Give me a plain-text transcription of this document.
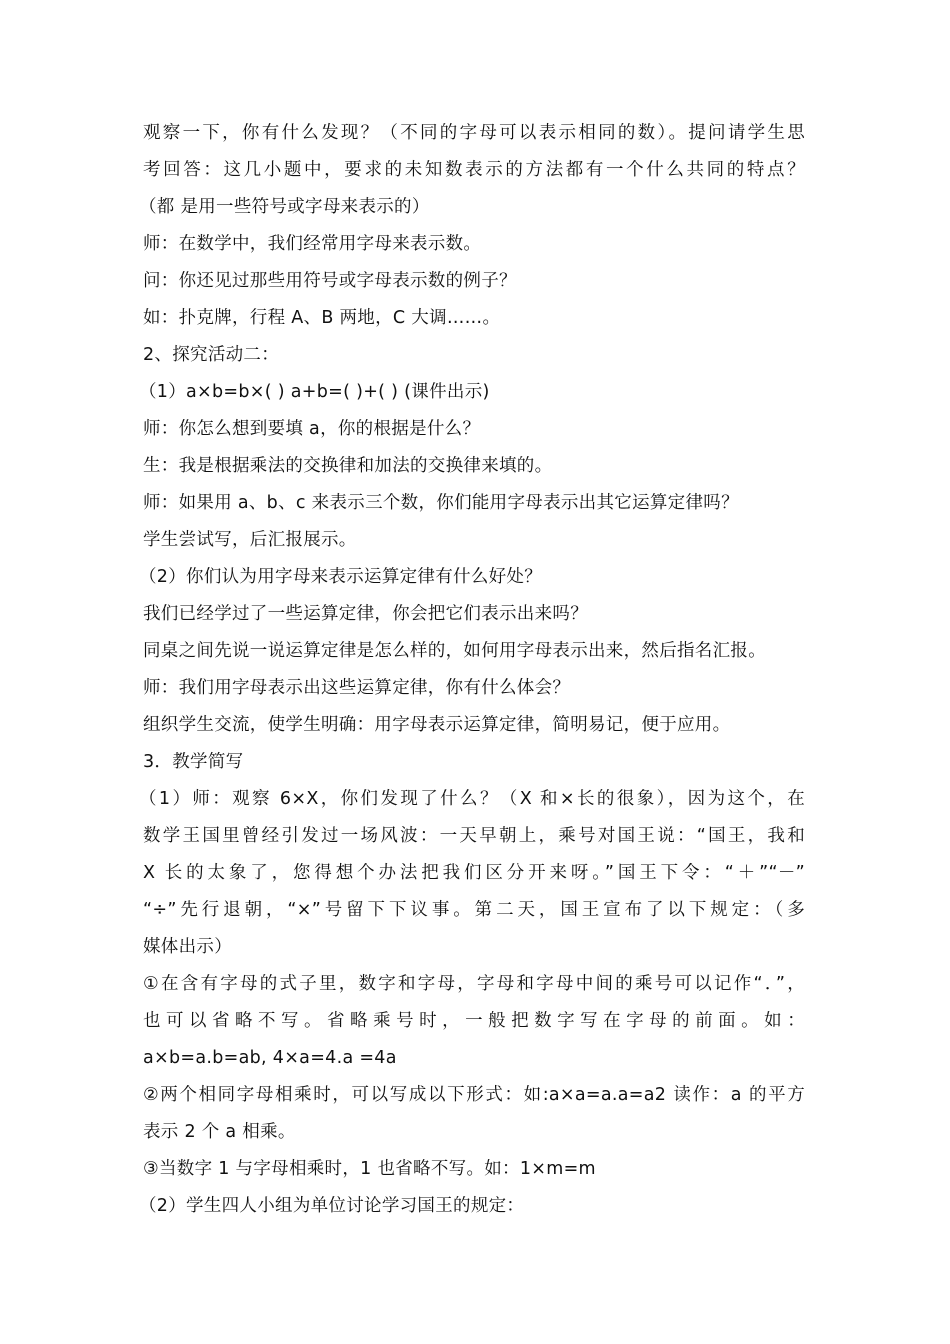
观察一下，你有什么发现？（不同的字母可以表示相同的数）。提问请学生思
考回答：这几小题中，要求的未知数表示的方法都有一个什么共同的特点？
（都 是用一些符号或字母来表示的）
师：在数学中，我们经常用字母来表示数。
问：你还见过那些用符号或字母表示数的例子？
如：扑克牌，行程 A、B 两地，C 大调……。
2、探究活动二：
（1）a×b=b×( ) a+b=( )+( ) (课件出示)
师：你怎么想到要填 a，你的根据是什么？
生：我是根据乘法的交换律和加法的交换律来填的。
师：如果用 a、b、c 来表示三个数，你们能用字母表示出其它运算定律吗？
学生尝试写，后汇报展示。
（2）你们认为用字母来表示运算定律有什么好处？
我们已经学过了一些运算定律，你会把它们表示出来吗？
同桌之间先说一说运算定律是怎么样的，如何用字母表示出来，然后指名汇报。
师：我们用字母表示出这些运算定律，你有什么体会？
组织学生交流，使学生明确：用字母表示运算定律，简明易记，便于应用。
3．教学简写
（1）师：观察 6×X，你们发现了什么？（X 和×长的很象），因为这个，在
数学王国里曾经引发过一场风波：一天早朝上，乘号对国王说：“国王，我和
X 长的太象了，您得想个办法把我们区分开来呀。”国王下令：“＋”“－”
“÷”先行退朝，“×”号留下下议事。第二天，国王宣布了以下规定：（多
媒体出示）
①在含有字母的式子里，数字和字母，字母和字母中间的乘号可以记作“．”，
也可以省略不写。省略乘号时，一般把数字写在字母的前面。如：
a×b=a.b=ab, 4×a=4.a =4a
②两个相同字母相乘时，可以写成以下形式：如:a×a=a.a=a2 读作：a 的平方
表示 2 个 a 相乘。
③当数字 1 与字母相乘时，1 也省略不写。如：1×m=m
（2）学生四人小组为单位讨论学习国王的规定：
